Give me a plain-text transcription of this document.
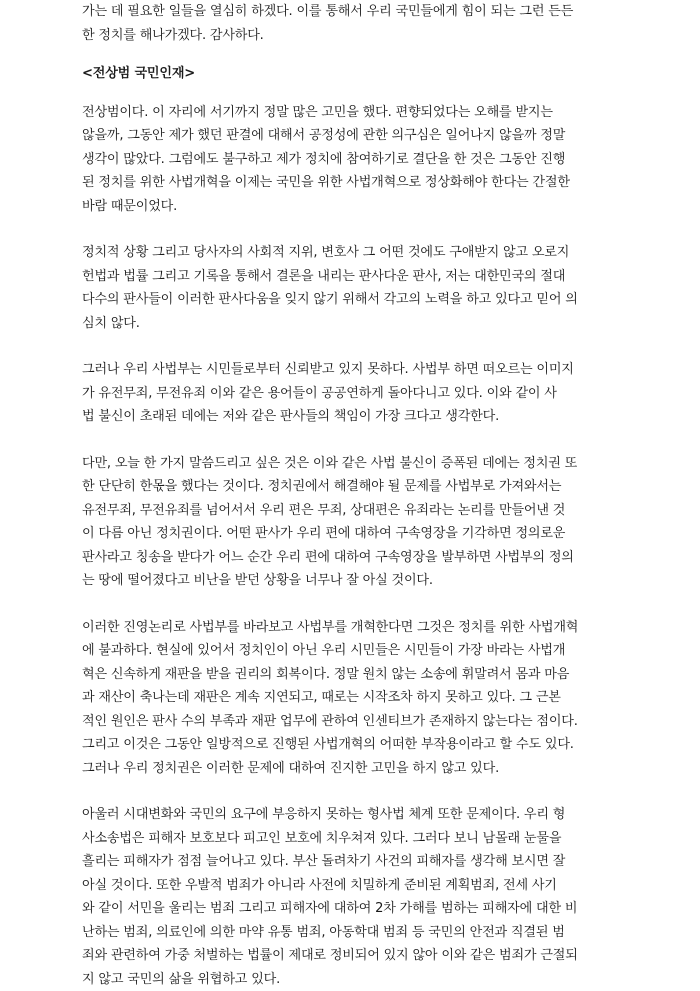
가는 데 필요한 일들을 열심히 하겠다. 이를 통해서 우리 국민들에게 힘이 되는 그런 든든
한 정치를 해나가겠다. 감사하다.
<전상범 국민인재>
전상범이다. 이 자리에 서기까지 정말 많은 고민을 했다. 편향되었다는 오해를 받지는
않을까, 그동안 제가 했던 판결에 대해서 공정성에 관한 의구심은 일어나지 않을까 정말
생각이 많았다. 그럼에도 불구하고 제가 정치에 참여하기로 결단을 한 것은 그동안 진행
된 정치를 위한 사법개혁을 이제는 국민을 위한 사법개혁으로 정상화해야 한다는 간절한
바람 때문이었다.
정치적 상황 그리고 당사자의 사회적 지위, 변호사 그 어떤 것에도 구애받지 않고 오로지
헌법과 법률 그리고 기록을 통해서 결론을 내리는 판사다운 판사, 저는 대한민국의 절대
다수의 판사들이 이러한 판사다움을 잊지 않기 위해서 각고의 노력을 하고 있다고 믿어 의
심치 않다.
그러나 우리 사법부는 시민들로부터 신뢰받고 있지 못하다. 사법부 하면 떠오르는 이미지
가 유전무죄, 무전유죄 이와 같은 용어들이 공공연하게 돌아다니고 있다. 이와 같이 사
법 불신이 초래된 데에는 저와 같은 판사들의 책임이 가장 크다고 생각한다.
다만, 오늘 한 가지 말씀드리고 싶은 것은 이와 같은 사법 불신이 증폭된 데에는 정치권 또
한 단단히 한몫을 했다는 것이다. 정치권에서 해결해야 될 문제를 사법부로 가져와서는
유전무죄, 무전유죄를 넘어서서 우리 편은 무죄, 상대편은 유죄라는 논리를 만들어낸 것
이 다름 아닌 정치권이다. 어떤 판사가 우리 편에 대하여 구속영장을 기각하면 정의로운
판사라고 칭송을 받다가 어느 순간 우리 편에 대하여 구속영장을 발부하면 사법부의 정의
는 땅에 떨어졌다고 비난을 받던 상황을 너무나 잘 아실 것이다.
이러한 진영논리로 사법부를 바라보고 사법부를 개혁한다면 그것은 정치를 위한 사법개혁
에 불과하다. 현실에 있어서 정치인이 아닌 우리 시민들은 시민들이 가장 바라는 사법개
혁은 신속하게 재판을 받을 권리의 회복이다. 정말 원치 않는 소송에 휘말려서 몸과 마음
과 재산이 축나는데 재판은 계속 지연되고, 때로는 시작조차 하지 못하고 있다. 그 근본
적인 원인은 판사 수의 부족과 재판 업무에 관하여 인센티브가 존재하지 않는다는 점이다.
그리고 이것은 그동안 일방적으로 진행된 사법개혁의 어떠한 부작용이라고 할 수도 있다.
그러나 우리 정치권은 이러한 문제에 대하여 진지한 고민을 하지 않고 있다.
아울러 시대변화와 국민의 요구에 부응하지 못하는 형사법 체계 또한 문제이다. 우리 형
사소송법은 피해자 보호보다 피고인 보호에 치우쳐져 있다. 그러다 보니 남몰래 눈물을
흘리는 피해자가 점점 늘어나고 있다. 부산 돌려차기 사건의 피해자를 생각해 보시면 잘
아실 것이다. 또한 우발적 범죄가 아니라 사전에 치밀하게 준비된 계획범죄, 전세 사기
와 같이 서민을 울리는 범죄 그리고 피해자에 대하여 2차 가해를 범하는 피해자에 대한 비
난하는 범죄, 의료인에 의한 마약 유통 범죄, 아동학대 범죄 등 국민의 안전과 직결된 범
죄와 관련하여 가중 처벌하는 법률이 제대로 정비되어 있지 않아 이와 같은 범죄가 근절되
지 않고 국민의 삶을 위협하고 있다.
